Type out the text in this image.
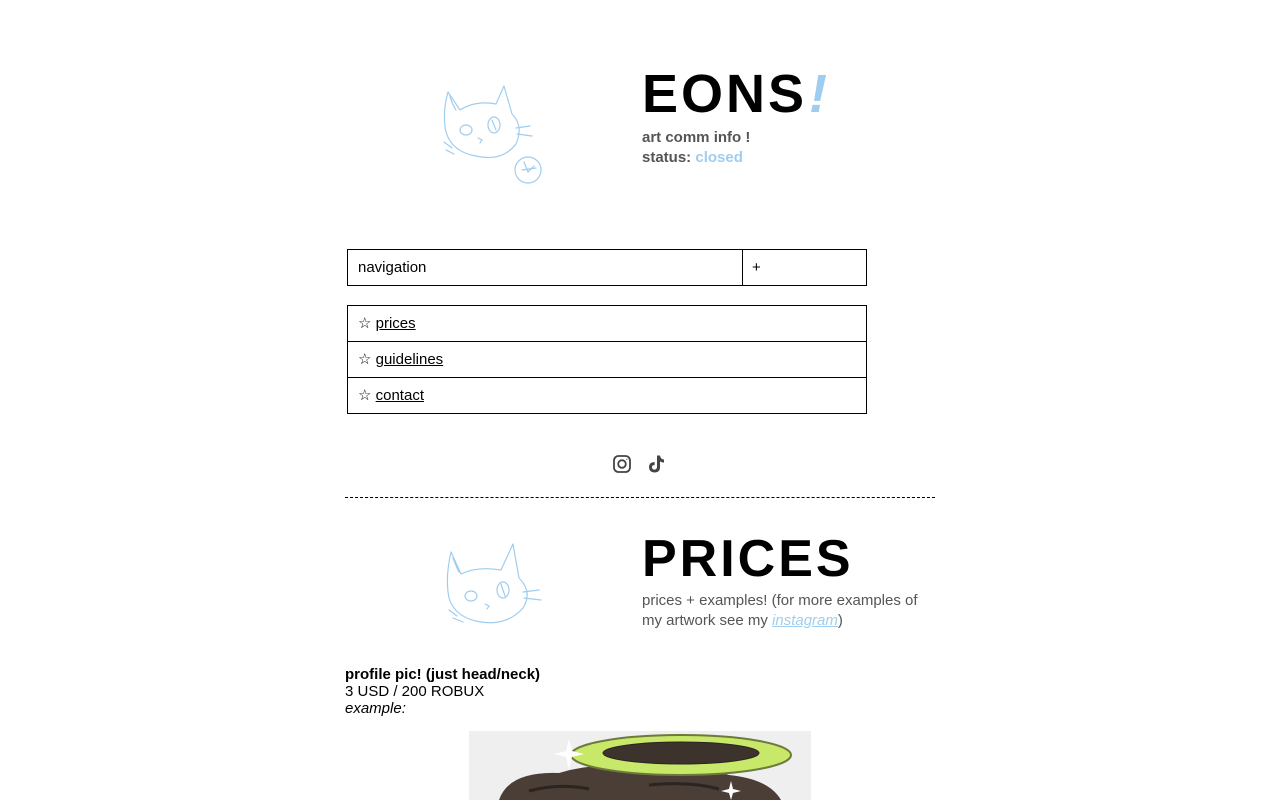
EONS!
art comm info !
status: closed
navigation	+
☆ prices
☆ guidelines
☆ contact
PRICES
prices + examples! (for more examples of my artwork see my instagram)
profile pic! (just head/neck)
3 USD / 200 ROBUX
example:
